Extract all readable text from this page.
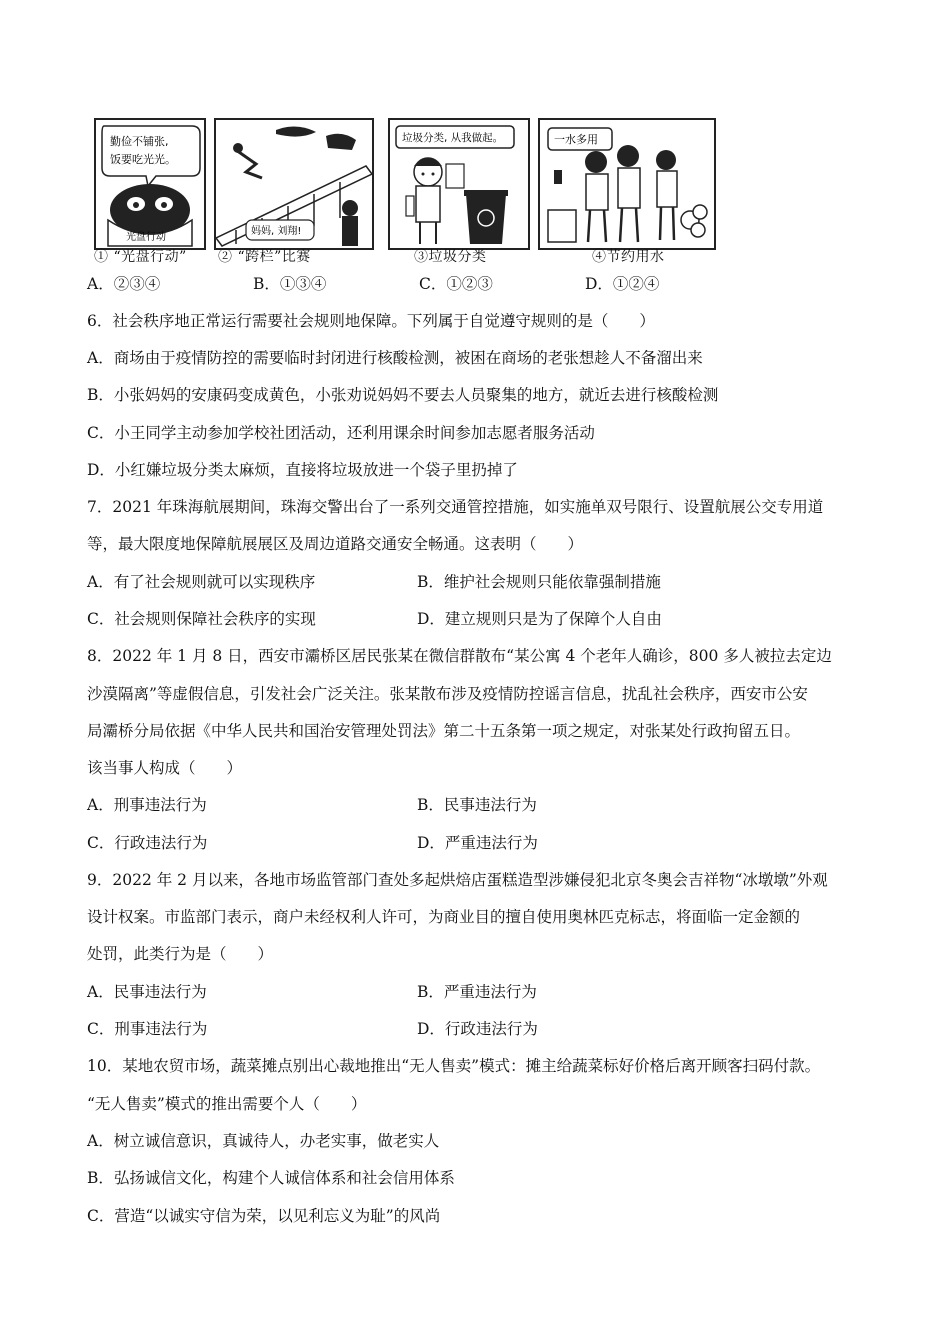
勤俭不铺张,
饭要吃光光。
光盘行动
妈妈, 刘翔!
垃圾分类, 从我做起。	一水多用
① “光盘行动” ② “跨栏”比赛	③垃圾分类	④节约用水
A．②③④	B．①③④	C．①②③	D．①②④
6．社会秩序地正常运行需要社会规则地保障。下列属于自觉遵守规则的是（　　）
A．商场由于疫情防控的需要临时封闭进行核酸检测，被困在商场的老张想趁人不备溜出来
B．小张妈妈的安康码变成黄色，小张劝说妈妈不要去人员聚集的地方，就近去进行核酸检测
C．小王同学主动参加学校社团活动，还利用课余时间参加志愿者服务活动
D．小红嫌垃圾分类太麻烦，直接将垃圾放进一个袋子里扔掉了
7．2021 年珠海航展期间，珠海交警出台了一系列交通管控措施，如实施单双号限行、设置航展公交专用道
等，最大限度地保障航展展区及周边道路交通安全畅通。这表明（　　）
A．有了社会规则就可以实现秩序	B．维护社会规则只能依靠强制措施
C．社会规则保障社会秩序的实现	D．建立规则只是为了保障个人自由
8．2022 年 1 月 8 日，西安市灞桥区居民张某在微信群散布“某公寓 4 个老年人确诊，800 多人被拉去定边
沙漠隔离”等虚假信息，引发社会广泛关注。张某散布涉及疫情防控谣言信息，扰乱社会秩序，西安市公安
局灞桥分局依据《中华人民共和国治安管理处罚法》第二十五条第一项之规定，对张某处行政拘留五日。
该当事人构成（　　）
A．刑事违法行为	B．民事违法行为
C．行政违法行为	D．严重违法行为
9．2022 年 2 月以来，各地市场监管部门查处多起烘焙店蛋糕造型涉嫌侵犯北京冬奥会吉祥物“冰墩墩”外观
设计权案。市监部门表示，商户未经权利人许可，为商业目的擅自使用奥林匹克标志，将面临一定金额的
处罚，此类行为是（　　）
A．民事违法行为	B．严重违法行为
C．刑事违法行为	D．行政违法行为
10．某地农贸市场，蔬菜摊点别出心裁地推出“无人售卖”模式：摊主给蔬菜标好价格后离开顾客扫码付款。
“无人售卖”模式的推出需要个人（　　）
A．树立诚信意识，真诚待人，办老实事，做老实人
B．弘扬诚信文化，构建个人诚信体系和社会信用体系
C．营造“以诚实守信为荣，以见利忘义为耻”的风尚
